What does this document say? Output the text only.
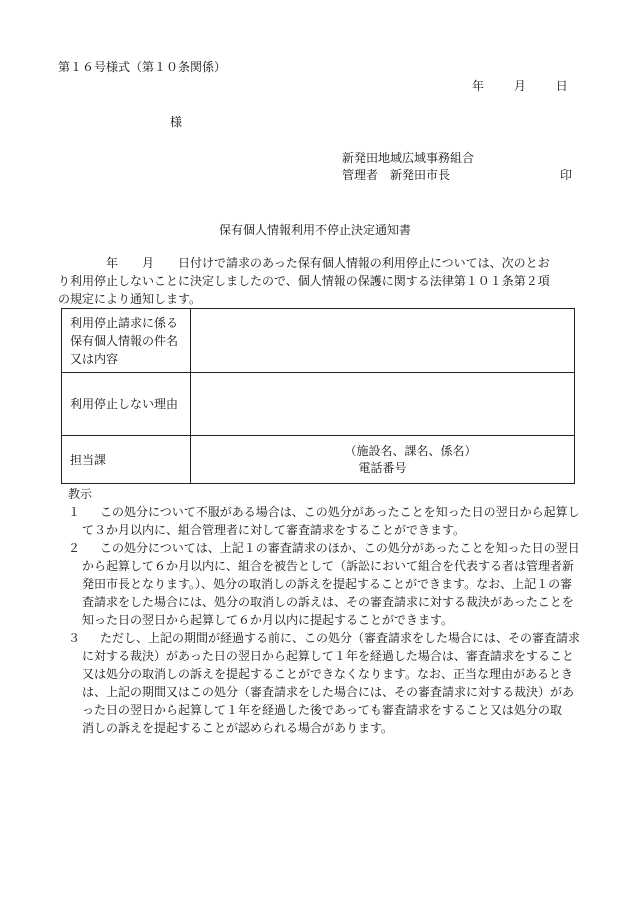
第１６号様式（第１０条関係）
年 月 日
様
新発田地域広域事務組合
管理者　新発田市長	印
保有個人情報利用不停止決定通知書
年　　月　　日付けで請求のあった保有個人情報の利用停止については、次のとお
り利用停止しないことに決定しましたので、個人情報の保護に関する法律第１０１条第２項
の規定により通知します。
利用停止請求に係る
保有個人情報の件名
又は内容	

利用停止しない理由	
担当課	（施設名、課名、係名）
電話番号
教示
１	この処分について不服がある場合は、この処分があったことを知った日の翌日から起算し
て３か月以内に、組合管理者に対して審査請求をすることができます。
２	この処分については、上記１の審査請求のほか、この処分があったことを知った日の翌日
から起算して６か月以内に、組合を被告として（訴訟において組合を代表する者は管理者新
発田市長となります。）、処分の取消しの訴えを提起することができます。なお、上記１の審
査請求をした場合には、処分の取消しの訴えは、その審査請求に対する裁決があったことを
知った日の翌日から起算して６か月以内に提起することができます。
３	ただし、上記の期間が経過する前に、この処分（審査請求をした場合には、その審査請求
に対する裁決）があった日の翌日から起算して１年を経過した場合は、審査請求をすること
又は処分の取消しの訴えを提起することができなくなります。なお、正当な理由があるとき
は、上記の期間又はこの処分（審査請求をした場合には、その審査請求に対する裁決）があ
った日の翌日から起算して１年を経過した後であっても審査請求をすること又は処分の取
消しの訴えを提起することが認められる場合があります。
